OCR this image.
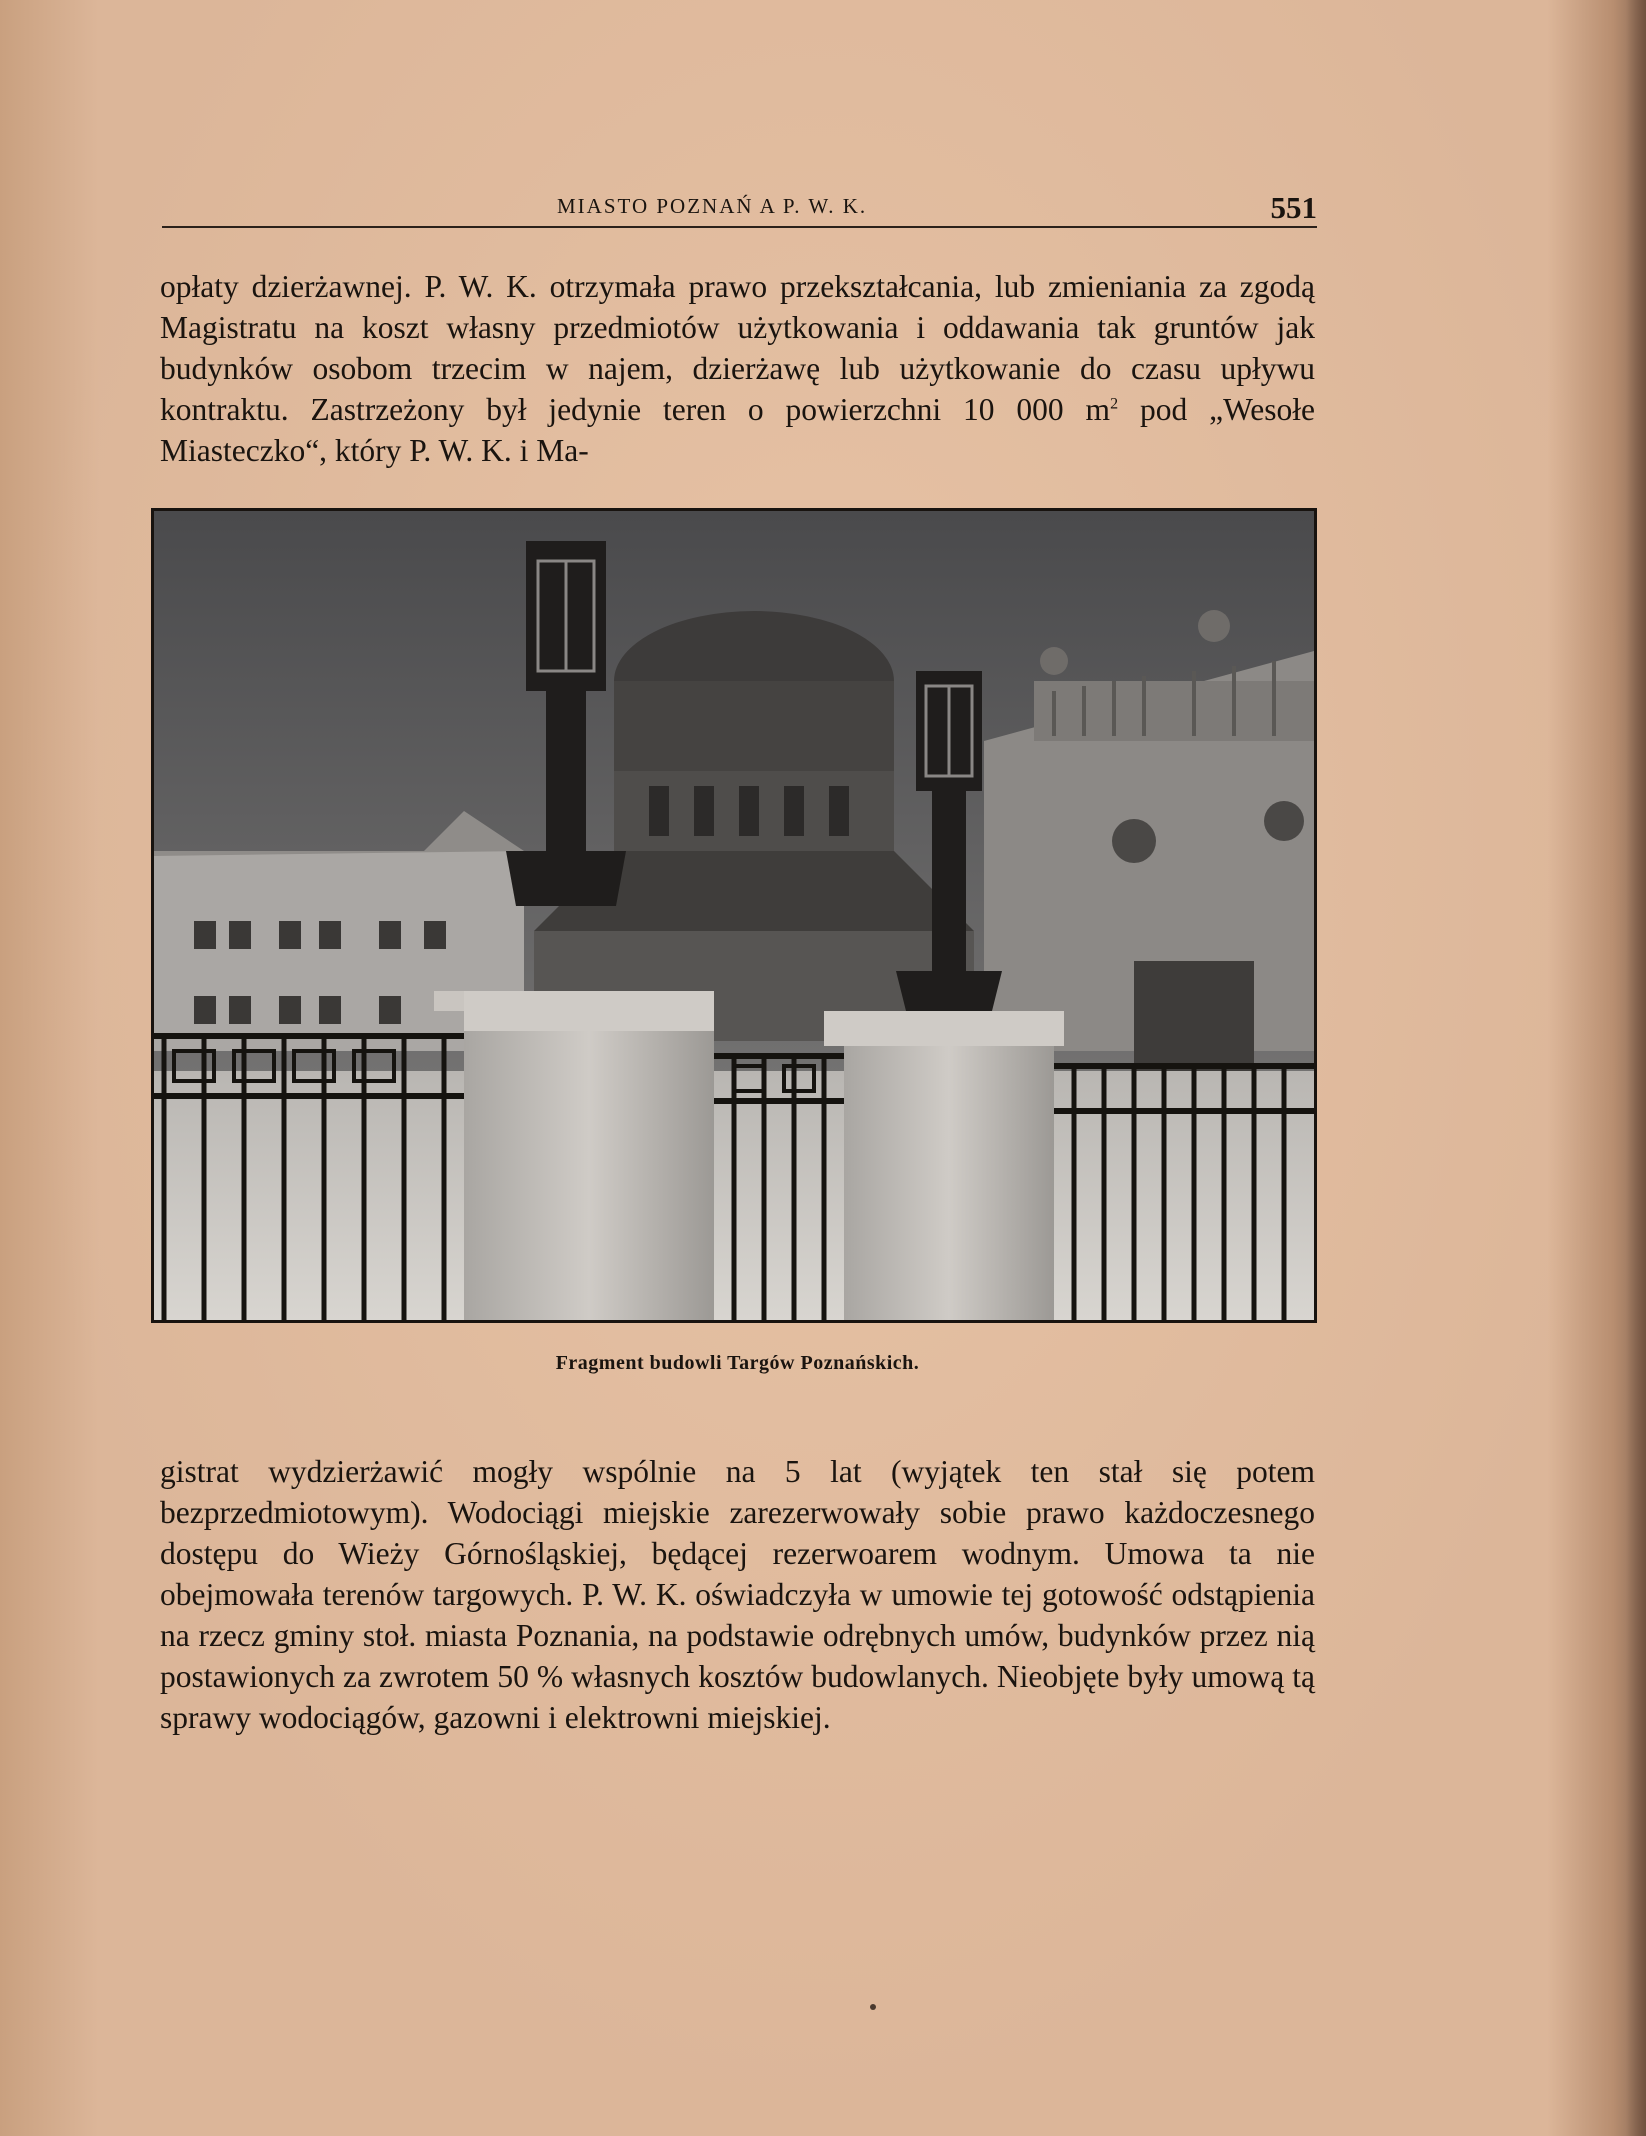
MIASTO POZNAŃ A P. W. K.	551

opłaty dzierżawnej. P. W. K. otrzymała prawo przekształcania, lub zmieniania za zgodą Magistratu na koszt własny przedmiotów użytkowania i oddawania tak gruntów jak budynków osobom trzecim w najem, dzierżawę lub użytkowanie do czasu upływu kontraktu. Zastrzeżony był jedynie teren o powierzchni 10 000 $m^2$ pod „Wesołe Miasteczko“, który P. W. K. i Ma-

Fragment budowli Targów Poznańskich.

gistrat wydzierżawić mogły wspólnie na 5 lat (wyjątek ten stał się potem bezprzedmiotowym). Wodociągi miejskie zarezerwowały sobie prawo każdoczesnego dostępu do Wieży Górnośląskiej, będącej rezerwoarem wodnym. Umowa ta nie obejmowała terenów targowych. P. W. K. oświadczyła w umowie tej gotowość odstąpienia na rzecz gminy stoł. miasta Poznania, na podstawie odrębnych umów, budynków przez nią postawionych za zwrotem 50 % własnych kosztów budowlanych. Nieobjęte były umową tą sprawy wodociągów, gazowni i elektrowni miejskiej.
